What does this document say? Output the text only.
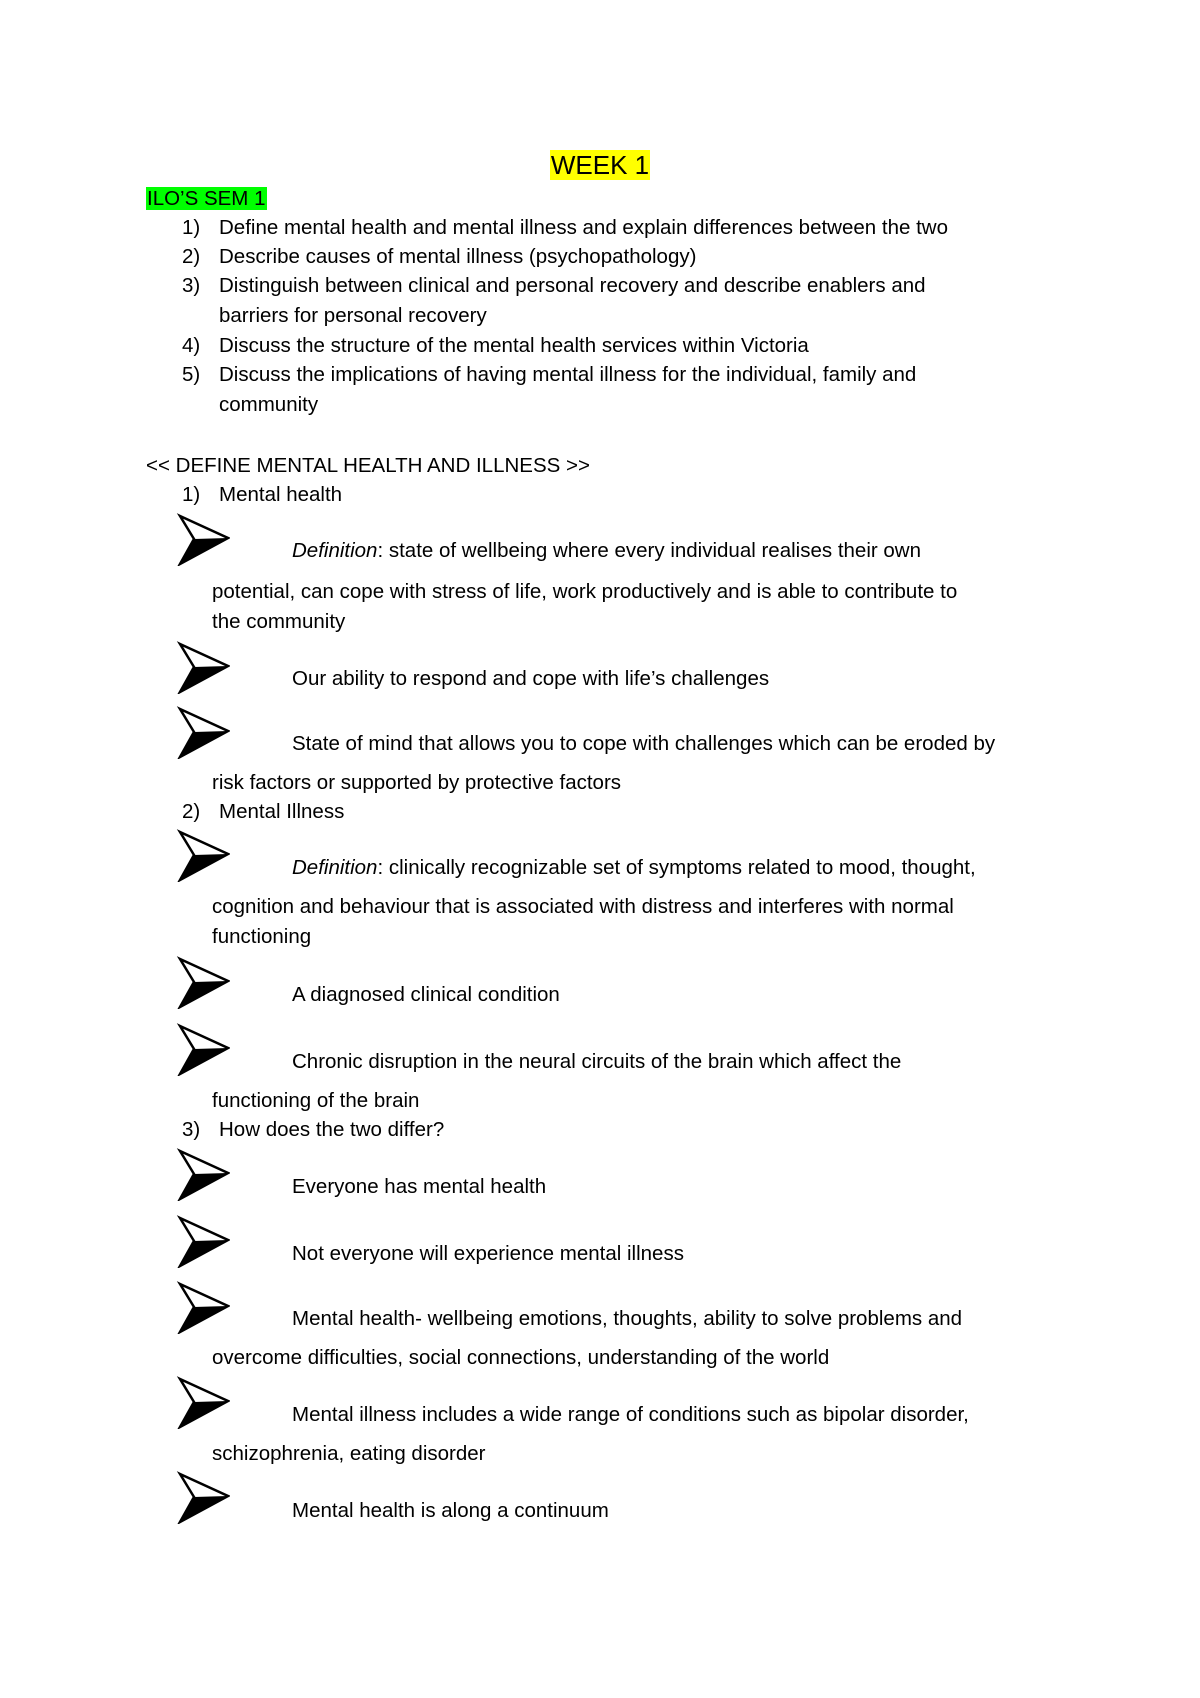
WEEK 1
ILO’S SEM 1
1) Define mental health and mental illness and explain differences between the two
2) Describe causes of mental illness (psychopathology)
3) Distinguish between clinical and personal recovery and describe enablers and
barriers for personal recovery
4) Discuss the structure of the mental health services within Victoria
5) Discuss the implications of having mental illness for the individual, family and
community
<< DEFINE MENTAL HEALTH AND ILLNESS >>
1) Mental health
Definition: state of wellbeing where every individual realises their own
potential, can cope with stress of life, work productively and is able to contribute to
the community
Our ability to respond and cope with life’s challenges
State of mind that allows you to cope with challenges which can be eroded by
risk factors or supported by protective factors
2) Mental Illness
Definition: clinically recognizable set of symptoms related to mood, thought,
cognition and behaviour that is associated with distress and interferes with normal
functioning
A diagnosed clinical condition
Chronic disruption in the neural circuits of the brain which affect the
functioning of the brain
3) How does the two differ?
Everyone has mental health
Not everyone will experience mental illness
Mental health- wellbeing emotions, thoughts, ability to solve problems and
overcome difficulties, social connections, understanding of the world
Mental illness includes a wide range of conditions such as bipolar disorder,
schizophrenia, eating disorder
Mental health is along a continuum
